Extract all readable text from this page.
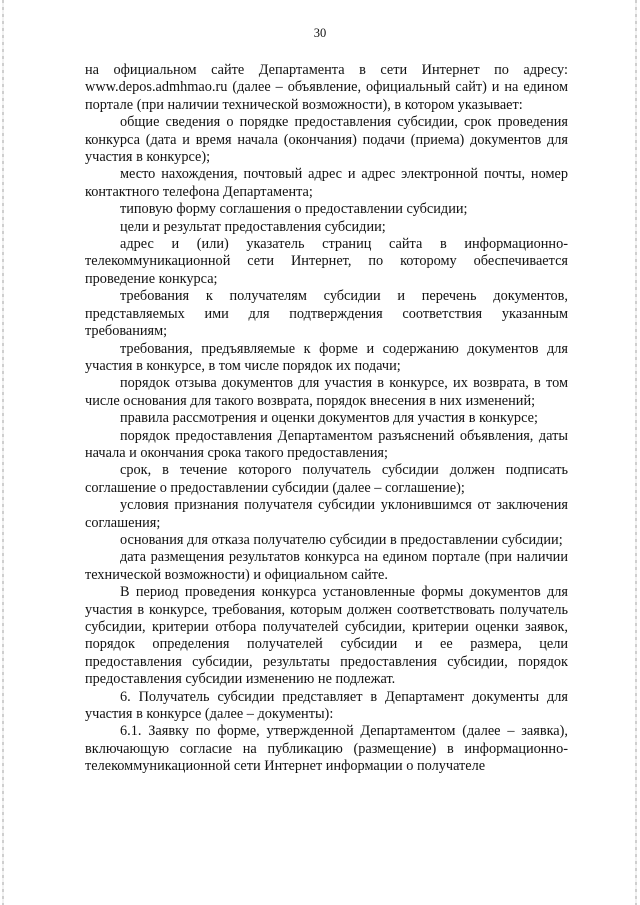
30

на официальном сайте Департамента в сети Интернет по адресу: www.depos.admhmao.ru (далее – объявление, официальный сайт) и на едином портале (при наличии технической возможности), в котором указывает:

общие сведения о порядке предоставления субсидии, срок проведения конкурса (дата и время начала (окончания) подачи (приема) документов для участия в конкурсе);

место нахождения, почтовый адрес и адрес электронной почты, номер контактного телефона Департамента;

типовую форму соглашения о предоставлении субсидии;

цели и результат предоставления субсидии;

адрес и (или) указатель страниц сайта в информационно-телекоммуникационной сети Интернет, по которому обеспечивается проведение конкурса;

требования к получателям субсидии и перечень документов, представляемых ими для подтверждения соответствия указанным требованиям;

требования, предъявляемые к форме и содержанию документов для участия в конкурсе, в том числе порядок их подачи;

порядок отзыва документов для участия в конкурсе, их возврата, в том числе основания для такого возврата, порядок внесения в них изменений;

правила рассмотрения и оценки документов для участия в конкурсе;

порядок предоставления Департаментом разъяснений объявления, даты начала и окончания срока такого предоставления;

срок, в течение которого получатель субсидии должен подписать соглашение о предоставлении субсидии (далее – соглашение);

условия признания получателя субсидии уклонившимся от заключения соглашения;

основания для отказа получателю субсидии в предоставлении субсидии;

дата размещения результатов конкурса на едином портале (при наличии технической возможности) и официальном сайте.

В период проведения конкурса установленные формы документов для участия в конкурсе, требования, которым должен соответствовать получатель субсидии, критерии отбора получателей субсидии, критерии оценки заявок, порядок определения получателей субсидии и ее размера, цели предоставления субсидии, результаты предоставления субсидии, порядок предоставления субсидии изменению не подлежат.

6. Получатель субсидии представляет в Департамент документы для участия в конкурсе (далее – документы):

6.1. Заявку по форме, утвержденной Департаментом (далее – заявка), включающую согласие на публикацию (размещение) в информационно-телекоммуникационной сети Интернет информации о получателе
